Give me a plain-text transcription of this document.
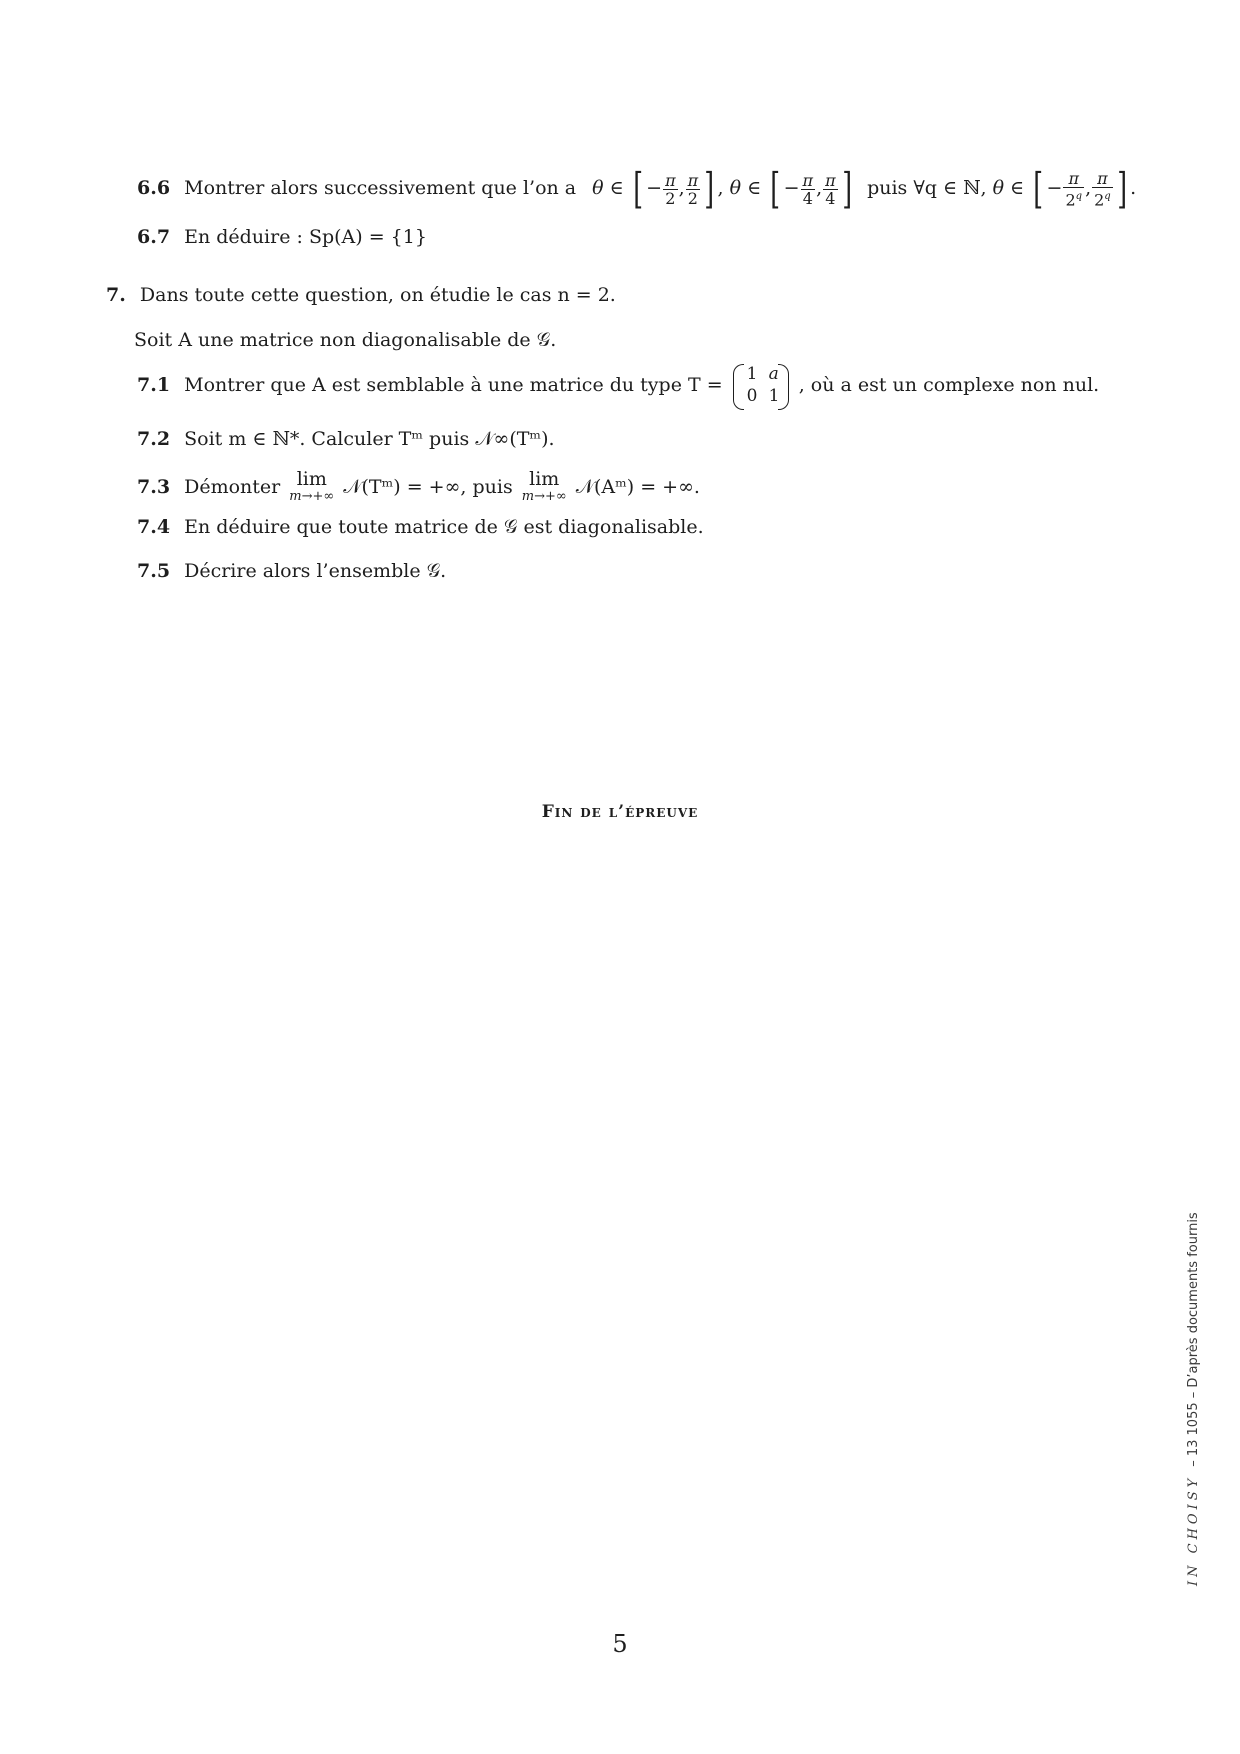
6.6 Montrer alors successivement que l’on a θ ∈ [ − $\frac{\pi}{2}$ , $\frac{\pi}{2}$ ] , θ ∈ [ − $\frac{\pi}{4}$ , $\frac{\pi}{4}$ ] puis ∀q ∈ ℕ, θ ∈ [ − $\frac{\pi}{2^q}$ , $\frac{\pi}{2^q}$ ] .
6.7 En déduire : Sp(A) = {1}
7. Dans toute cette question, on étudie le cas n = 2.
Soit A une matrice non diagonalisable de 𝒢.
7.1 Montrer que A est semblable à une matrice du type T = 1 a
0 1 , où a est un complexe non nul.
7.2 Soit m ∈ ℕ*. Calculer Tᵐ puis 𝒩∞(Tᵐ).
7.3 Démonter lim
m→+∞ 𝒩(Tᵐ) = +∞, puis lim
m→+∞ 𝒩(Aᵐ) = +∞.
7.4 En déduire que toute matrice de 𝒢 est diagonalisable.
7.5 Décrire alors l’ensemble 𝒢.
Fin de l’épreuve
5
IN CHOISY– 13 1055 – D’après documents fournis
